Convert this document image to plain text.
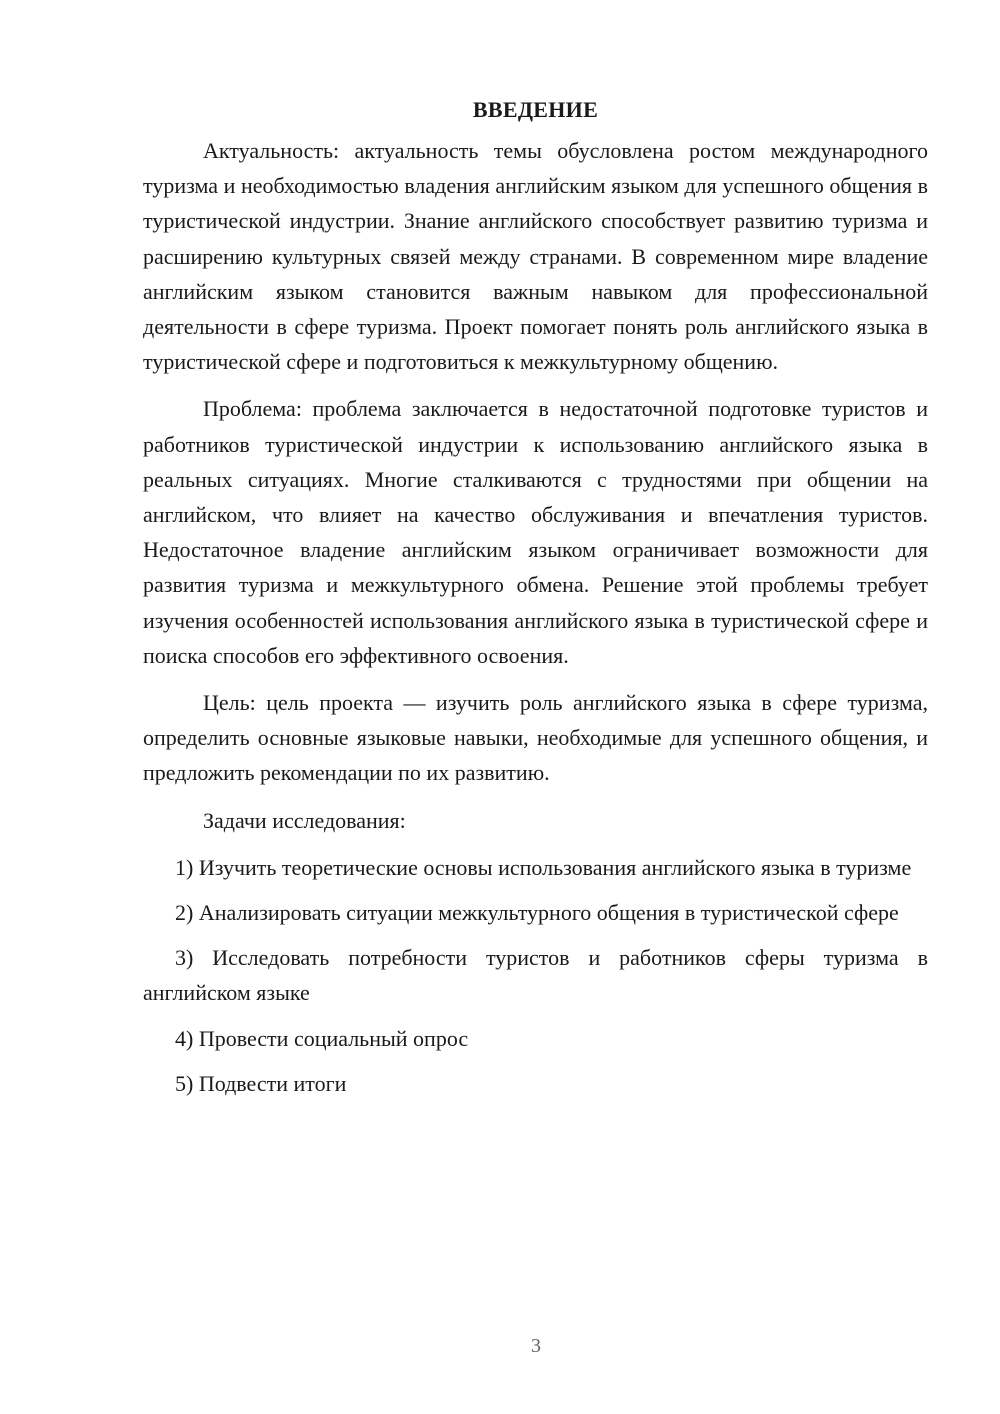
ВВЕДЕНИЕ

Актуальность: актуальность темы обусловлена ростом международного туризма и необходимостью владения английским языком для успешного общения в туристической индустрии. Знание английского способствует развитию туризма и расширению культурных связей между странами. В современном мире владение английским языком становится важным навыком для профессиональной деятельности в сфере туризма. Проект помогает понять роль английского языка в туристической сфере и подготовиться к межкультурному общению.

Проблема: проблема заключается в недостаточной подготовке туристов и работников туристической индустрии к использованию английского языка в реальных ситуациях. Многие сталкиваются с трудностями при общении на английском, что влияет на качество обслуживания и впечатления туристов. Недостаточное владение английским языком ограничивает возможности для развития туризма и межкультурного обмена. Решение этой проблемы требует изучения особенностей использования английского языка в туристической сфере и поиска способов его эффективного освоения.

Цель: цель проекта — изучить роль английского языка в сфере туризма, определить основные языковые навыки, необходимые для успешного общения, и предложить рекомендации по их развитию.

Задачи исследования:

1) Изучить теоретические основы использования английского языка в туризме

2) Анализировать ситуации межкультурного общения в туристической сфере

3) Исследовать потребности туристов и работников сферы туризма в английском языке

4) Провести социальный опрос

5) Подвести итоги

3
